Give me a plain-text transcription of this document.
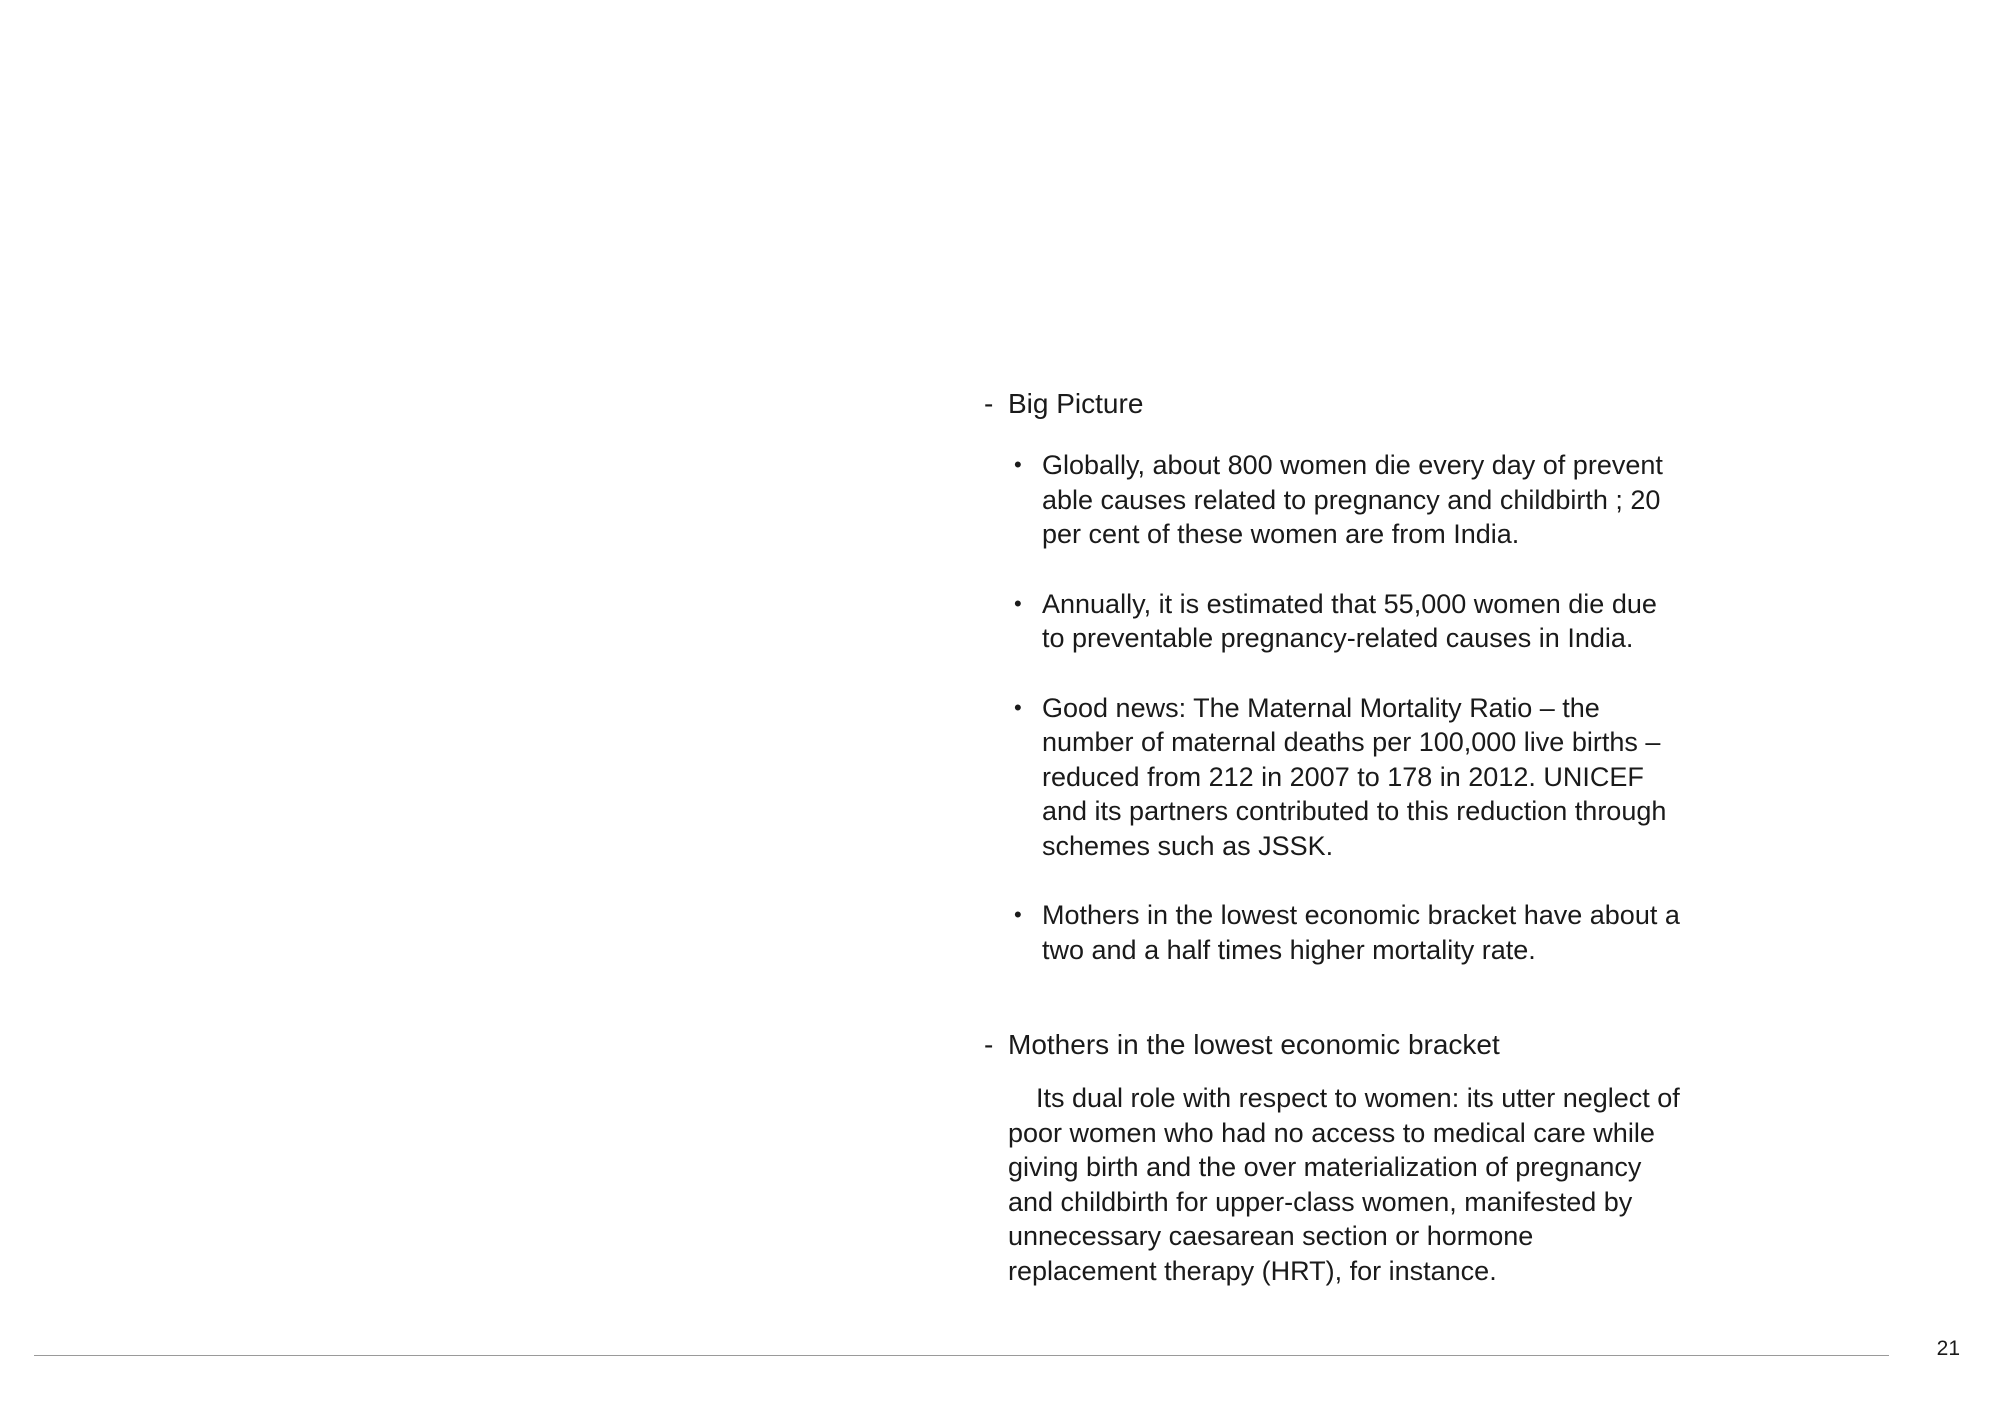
- Big Picture
• Globally, about 800 women die every day of prevent able causes related to pregnancy and childbirth ; 20 per cent of these women are from India.
• Annually, it is estimated that 55,000 women die due to preventable pregnancy-related causes in India.
• Good news: The Maternal Mortality Ratio – the number of maternal deaths per 100,000 live births – reduced from 212 in 2007 to 178 in 2012. UNICEF and its partners contributed to this reduction through schemes such as JSSK.
• Mothers in the lowest economic bracket have about a two and a half times higher mortality rate.
- Mothers in the lowest economic bracket

Its dual role with respect to women: its utter neglect of poor women who had no access to medical care while giving birth and the over materialization of pregnancy and childbirth for upper-class women, manifested by unnecessary caesarean section or hormone replacement therapy (HRT), for instance.

21
